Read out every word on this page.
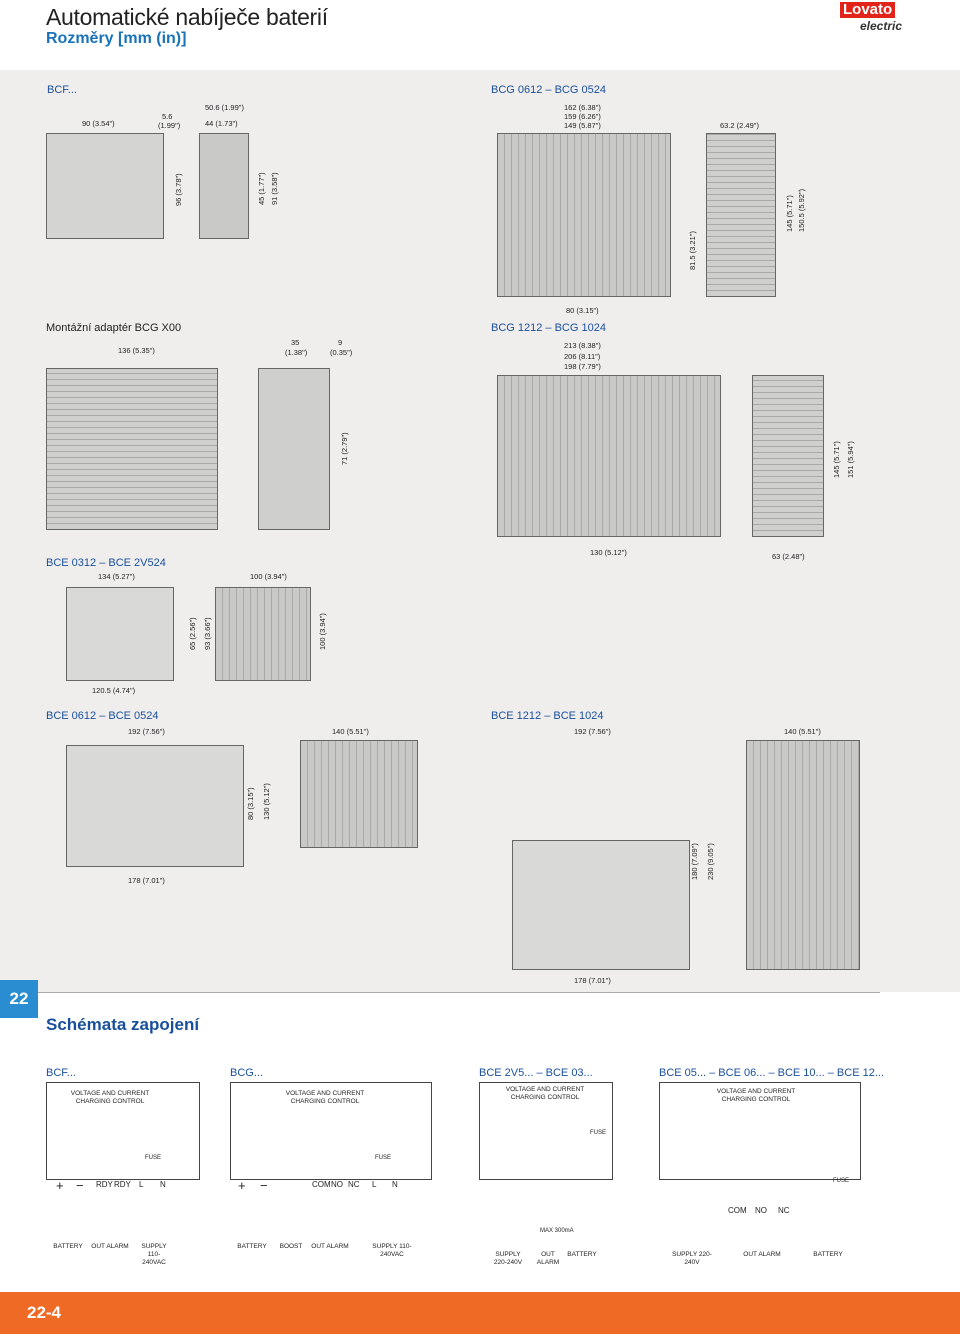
Automatické nabíječe baterií
Rozměry [mm (in)]
Lovato
electric
BCF...
90 (3.54")
5.6
(1.99")
50.6 (1.99")
44 (1.73")
96 (3.78")	45 (1.77") 91 (3.58")
BCG 0612 – BCG 0524
162 (6.38")
159 (6.26")
149 (5.87")	63.2 (2.49")
81.5 (3.21")
145 (5.71") 150.5 (5.92")
80 (3.15")
Montážní adaptér BCG X00
136 (5.35")
35
(1.38")
9
(0.35")
71 (2.79")
BCG 1212 – BCG 1024
213 (8.38")
206 (8.11")
198 (7.79")
145 (5.71") 151 (5.94")
130 (5.12")	63 (2.48")
BCE 0312 – BCE 2V524
134 (5.27")	100 (3.94")
65 (2.56") 93 (3.66")	100 (3.94")
120.5 (4.74")
BCE 0612 – BCE 0524
192 (7.56")	140 (5.51")
80 (3.15") 130 (5.12")
178 (7.01")
BCE 1212 – BCE 1024
192 (7.56")	140 (5.51")
180 (7.09") 230 (9.05")
178 (7.01")
22
Schémata zapojení
BCF...
VOLTAGE AND CURRENT CHARGING CONTROL
FUSE
+ − RDY RDY L N
BATTERY	OUT ALARM	SUPPLY 110-240VAC
BCG...
VOLTAGE AND CURRENT CHARGING CONTROL
FUSE
+ −	COM NO NC L N
BATTERY	BOOST	OUT ALARM	SUPPLY 110-240VAC
BCE 2V5... – BCE 03...
VOLTAGE AND CURRENT CHARGING CONTROL
FUSE
MAX 300mA
SUPPLY 220-240V
OUT ALARM
BATTERY
BCE 05... – BCE 06... – BCE 10... – BCE 12...
VOLTAGE AND CURRENT CHARGING CONTROL
FUSE
COM NO NC
SUPPLY 220-240V
OUT ALARM	BATTERY
22-4
